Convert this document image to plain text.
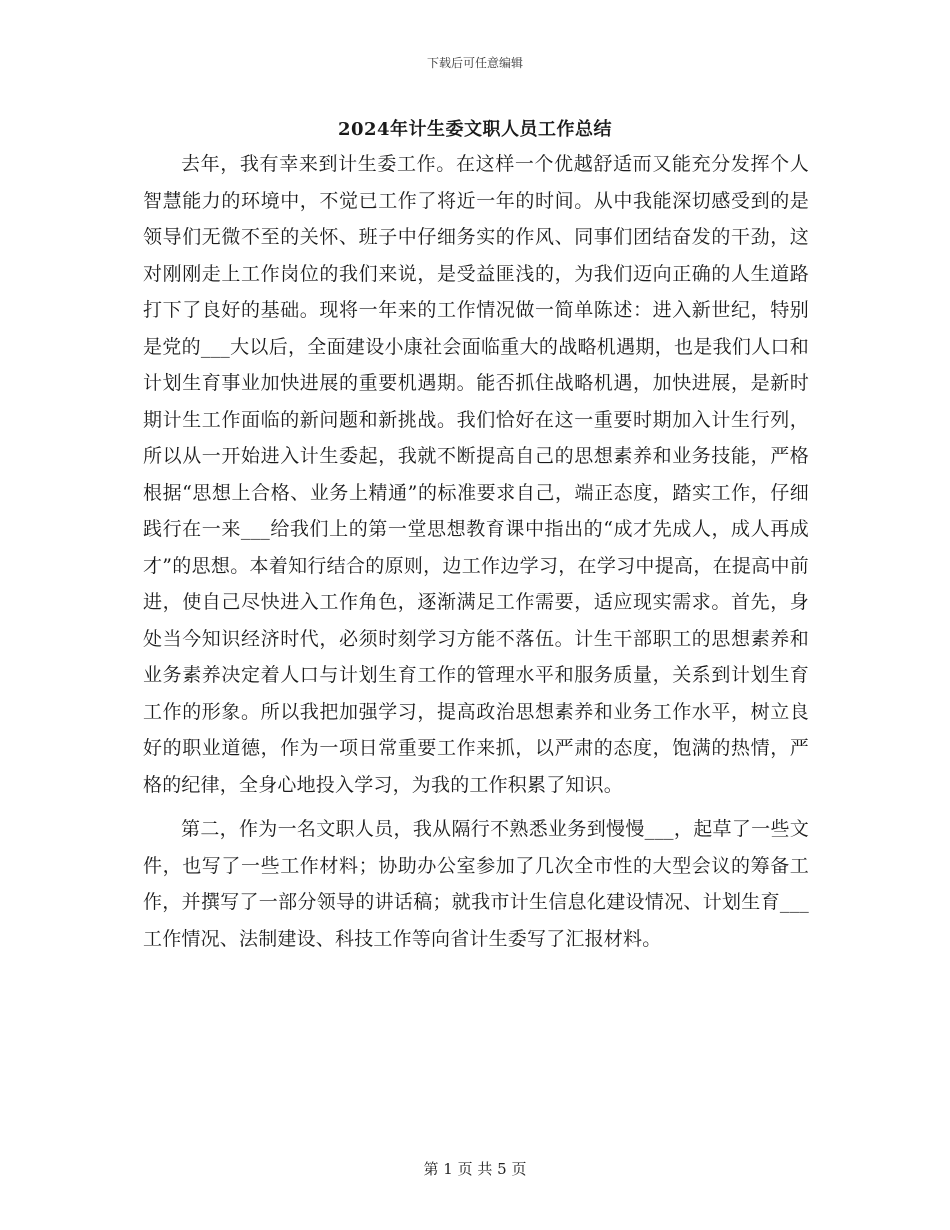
下载后可任意编辑
2024年计生委文职人员工作总结

去年，我有幸来到计生委工作。在这样一个优越舒适而又能充分发挥个人智慧能力的环境中，不觉已工作了将近一年的时间。从中我能深切感受到的是领导们无微不至的关怀、班子中仔细务实的作风、同事们团结奋发的干劲，这对刚刚走上工作岗位的我们来说，是受益匪浅的，为我们迈向正确的人生道路打下了良好的基础。现将一年来的工作情况做一简单陈述：进入新世纪，特别是党的___大以后，全面建设小康社会面临重大的战略机遇期，也是我们人口和计划生育事业加快进展的重要机遇期。能否抓住战略机遇，加快进展，是新时期计生工作面临的新问题和新挑战。我们恰好在这一重要时期加入计生行列，所以从一开始进入计生委起，我就不断提高自己的思想素养和业务技能，严格根据“思想上合格、业务上精通”的标准要求自己，端正态度，踏实工作，仔细践行在一来___给我们上的第一堂思想教育课中指出的“成才先成人，成人再成才”的思想。本着知行结合的原则，边工作边学习，在学习中提高，在提高中前进，使自己尽快进入工作角色，逐渐满足工作需要，适应现实需求。首先，身处当今知识经济时代，必须时刻学习方能不落伍。计生干部职工的思想素养和业务素养决定着人口与计划生育工作的管理水平和服务质量，关系到计划生育工作的形象。所以我把加强学习，提高政治思想素养和业务工作水平，树立良好的职业道德，作为一项日常重要工作来抓，以严肃的态度，饱满的热情，严格的纪律，全身心地投入学习，为我的工作积累了知识。

第二，作为一名文职人员，我从隔行不熟悉业务到慢慢___，起草了一些文件，也写了一些工作材料；协助办公室参加了几次全市性的大型会议的筹备工作，并撰写了一部分领导的讲话稿；就我市计生信息化建设情况、计划生育___工作情况、法制建设、科技工作等向省计生委写了汇报材料。

第 1 页 共 5 页
